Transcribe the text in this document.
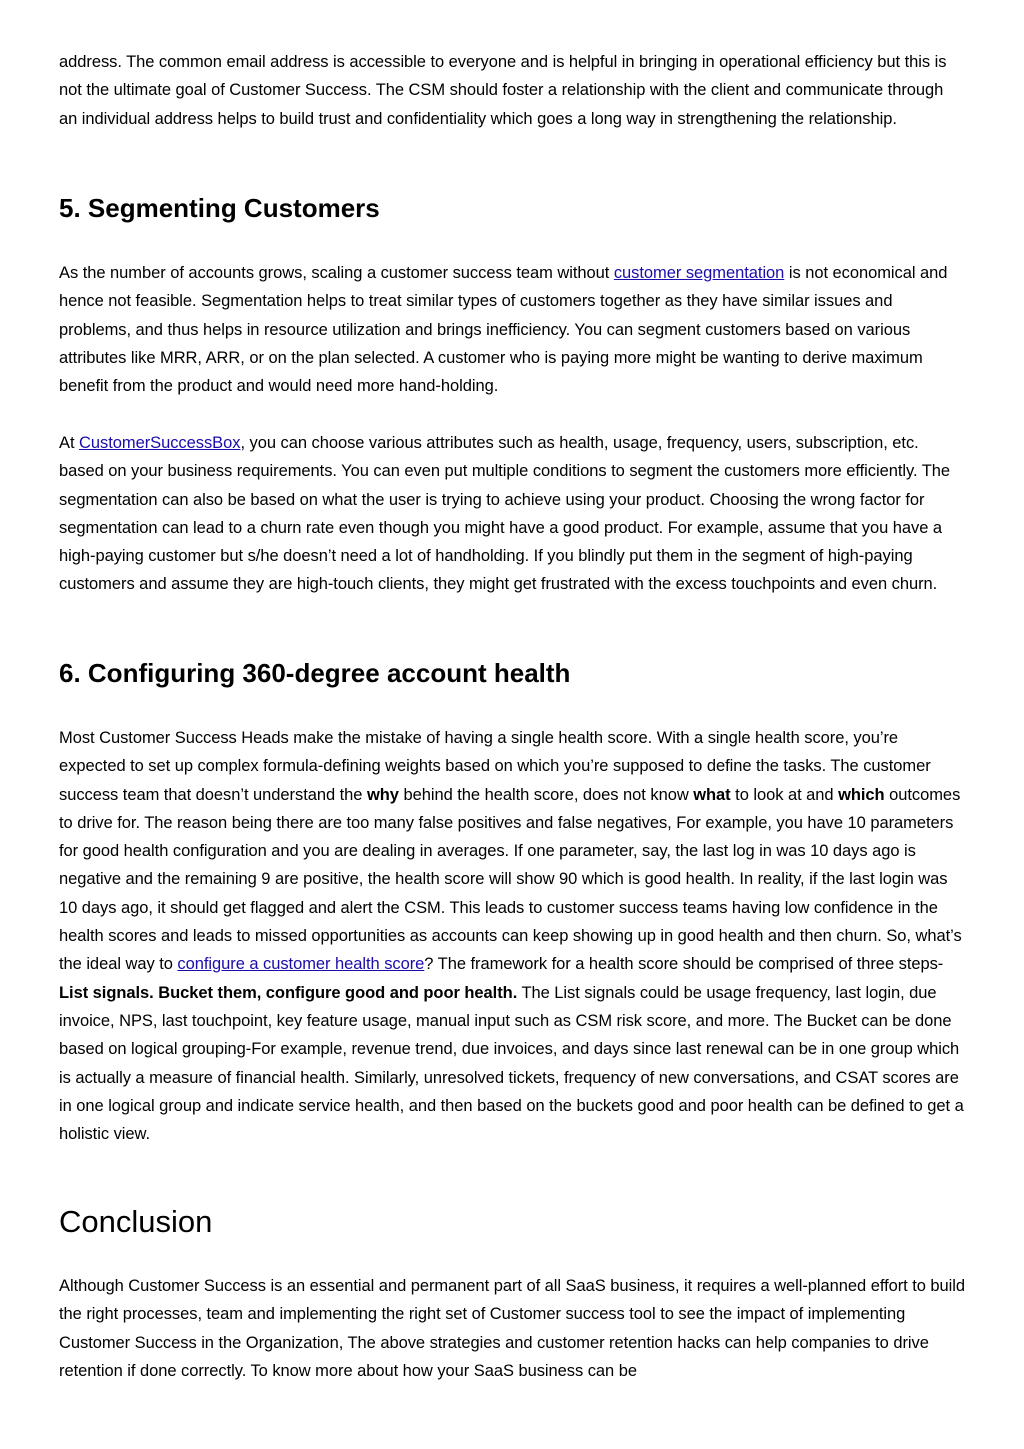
address. The common email address is accessible to everyone and is helpful in bringing in operational efficiency but this is not the ultimate goal of Customer Success. The CSM should foster a relationship with the client and communicate through an individual address helps to build trust and confidentiality which goes a long way in strengthening the relationship.

5. Segmenting Customers

As the number of accounts grows, scaling a customer success team without customer segmentation is not economical and hence not feasible. Segmentation helps to treat similar types of customers together as they have similar issues and problems, and thus helps in resource utilization and brings inefficiency. You can segment customers based on various attributes like MRR, ARR, or on the plan selected. A customer who is paying more might be wanting to derive maximum benefit from the product and would need more hand-holding.

At CustomerSuccessBox, you can choose various attributes such as health, usage, frequency, users, subscription, etc. based on your business requirements. You can even put multiple conditions to segment the customers more efficiently. The segmentation can also be based on what the user is trying to achieve using your product. Choosing the wrong factor for segmentation can lead to a churn rate even though you might have a good product. For example, assume that you have a high-paying customer but s/he doesn’t need a lot of handholding. If you blindly put them in the segment of high-paying customers and assume they are high-touch clients, they might get frustrated with the excess touchpoints and even churn.

6. Configuring 360-degree account health

Most Customer Success Heads make the mistake of having a single health score. With a single health score, you’re expected to set up complex formula-defining weights based on which you’re supposed to define the tasks. The customer success team that doesn’t understand the why behind the health score, does not know what to look at and which outcomes to drive for. The reason being there are too many false positives and false negatives, For example, you have 10 parameters for good health configuration and you are dealing in averages. If one parameter, say, the last log in was 10 days ago is negative and the remaining 9 are positive, the health score will show 90 which is good health. In reality, if the last login was 10 days ago, it should get flagged and alert the CSM. This leads to customer success teams having low confidence in the health scores and leads to missed opportunities as accounts can keep showing up in good health and then churn. So, what’s the ideal way to configure a customer health score? The framework for a health score should be comprised of three steps-List signals. Bucket them, configure good and poor health. The List signals could be usage frequency, last login, due invoice, NPS, last touchpoint, key feature usage, manual input such as CSM risk score, and more. The Bucket can be done based on logical grouping-For example, revenue trend, due invoices, and days since last renewal can be in one group which is actually a measure of financial health. Similarly, unresolved tickets, frequency of new conversations, and CSAT scores are in one logical group and indicate service health, and then based on the buckets good and poor health can be defined to get a holistic view.

Conclusion

Although Customer Success is an essential and permanent part of all SaaS business, it requires a well-planned effort to build the right processes, team and implementing the right set of Customer success tool to see the impact of implementing Customer Success in the Organization, The above strategies and customer retention hacks can help companies to drive retention if done correctly. To know more about how your SaaS business can be
